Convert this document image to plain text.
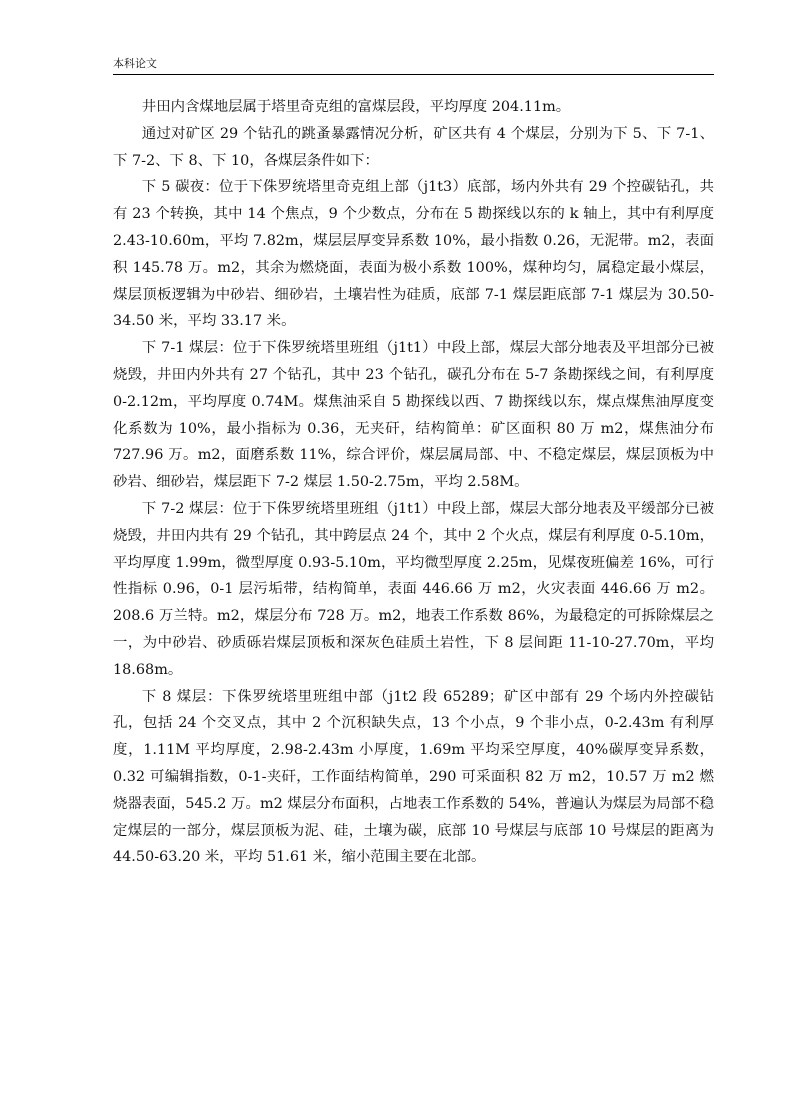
本科论文

井田内含煤地层属于塔里奇克组的富煤层段，平均厚度 204.11m。

通过对矿区 29 个钻孔的跳蚤暴露情况分析，矿区共有 4 个煤层，分别为下 5、下 7-1、下 7-2、下 8、下 10，各煤层条件如下：

下 5 碳夜：位于下侏罗统塔里奇克组上部（j1t3）底部，场内外共有 29 个控碳钻孔，共有 23 个转换，其中 14 个焦点，9 个少数点，分布在 5 勘探线以东的 k 轴上，其中有利厚度 2.43-10.60m，平均 7.82m，煤层层厚变异系数 10%，最小指数 0.26，无泥带。m2，表面积 145.78 万。m2，其余为燃烧面，表面为极小系数 100%，煤种均匀，属稳定最小煤层，煤层顶板逻辑为中砂岩、细砂岩，土壤岩性为硅质，底部 7-1 煤层距底部 7-1 煤层为 30.50-34.50 米，平均 33.17 米。

下 7-1 煤层：位于下侏罗统塔里班组（j1t1）中段上部，煤层大部分地表及平坦部分已被烧毁，井田内外共有 27 个钻孔，其中 23 个钻孔，碳孔分布在 5-7 条勘探线之间，有利厚度 0-2.12m，平均厚度 0.74M。煤焦油采自 5 勘探线以西、7 勘探线以东，煤点煤焦油厚度变化系数为 10%，最小指标为 0.36，无夹矸，结构简单：矿区面积 80 万 m2，煤焦油分布 727.96 万。m2，面磨系数 11%，综合评价，煤层属局部、中、不稳定煤层，煤层顶板为中砂岩、细砂岩，煤层距下 7-2 煤层 1.50-2.75m，平均 2.58M。

下 7-2 煤层：位于下侏罗统塔里班组（j1t1）中段上部，煤层大部分地表及平缓部分已被烧毁，井田内共有 29 个钻孔，其中跨层点 24 个，其中 2 个火点，煤层有利厚度 0-5.10m，平均厚度 1.99m，微型厚度 0.93-5.10m，平均微型厚度 2.25m，见煤夜班偏差 16%，可行性指标 0.96，0-1 层污垢带，结构简单，表面 446.66 万 m2，火灾表面 446.66 万 m2。208.6 万兰特。m2，煤层分布 728 万。m2，地表工作系数 86%，为最稳定的可拆除煤层之一，为中砂岩、砂质砾岩煤层顶板和深灰色硅质土岩性，下 8 层间距 11-10-27.70m，平均 18.68m。

下 8 煤层：下侏罗统塔里班组中部（j1t2 段 65289；矿区中部有 29 个场内外控碳钻孔，包括 24 个交叉点，其中 2 个沉积缺失点，13 个小点，9 个非小点，0-2.43m 有利厚度，1.11M 平均厚度，2.98-2.43m 小厚度，1.69m 平均采空厚度，40%碳厚变异系数，0.32 可编辑指数，0-1-夹矸，工作面结构简单，290 可采面积 82 万 m2，10.57 万 m2 燃烧器表面，545.2 万。m2 煤层分布面积，占地表工作系数的 54%，普遍认为煤层为局部不稳定煤层的一部分，煤层顶板为泥、硅，土壤为碳，底部 10 号煤层与底部 10 号煤层的距离为 44.50-63.20 米，平均 51.61 米，缩小范围主要在北部。
